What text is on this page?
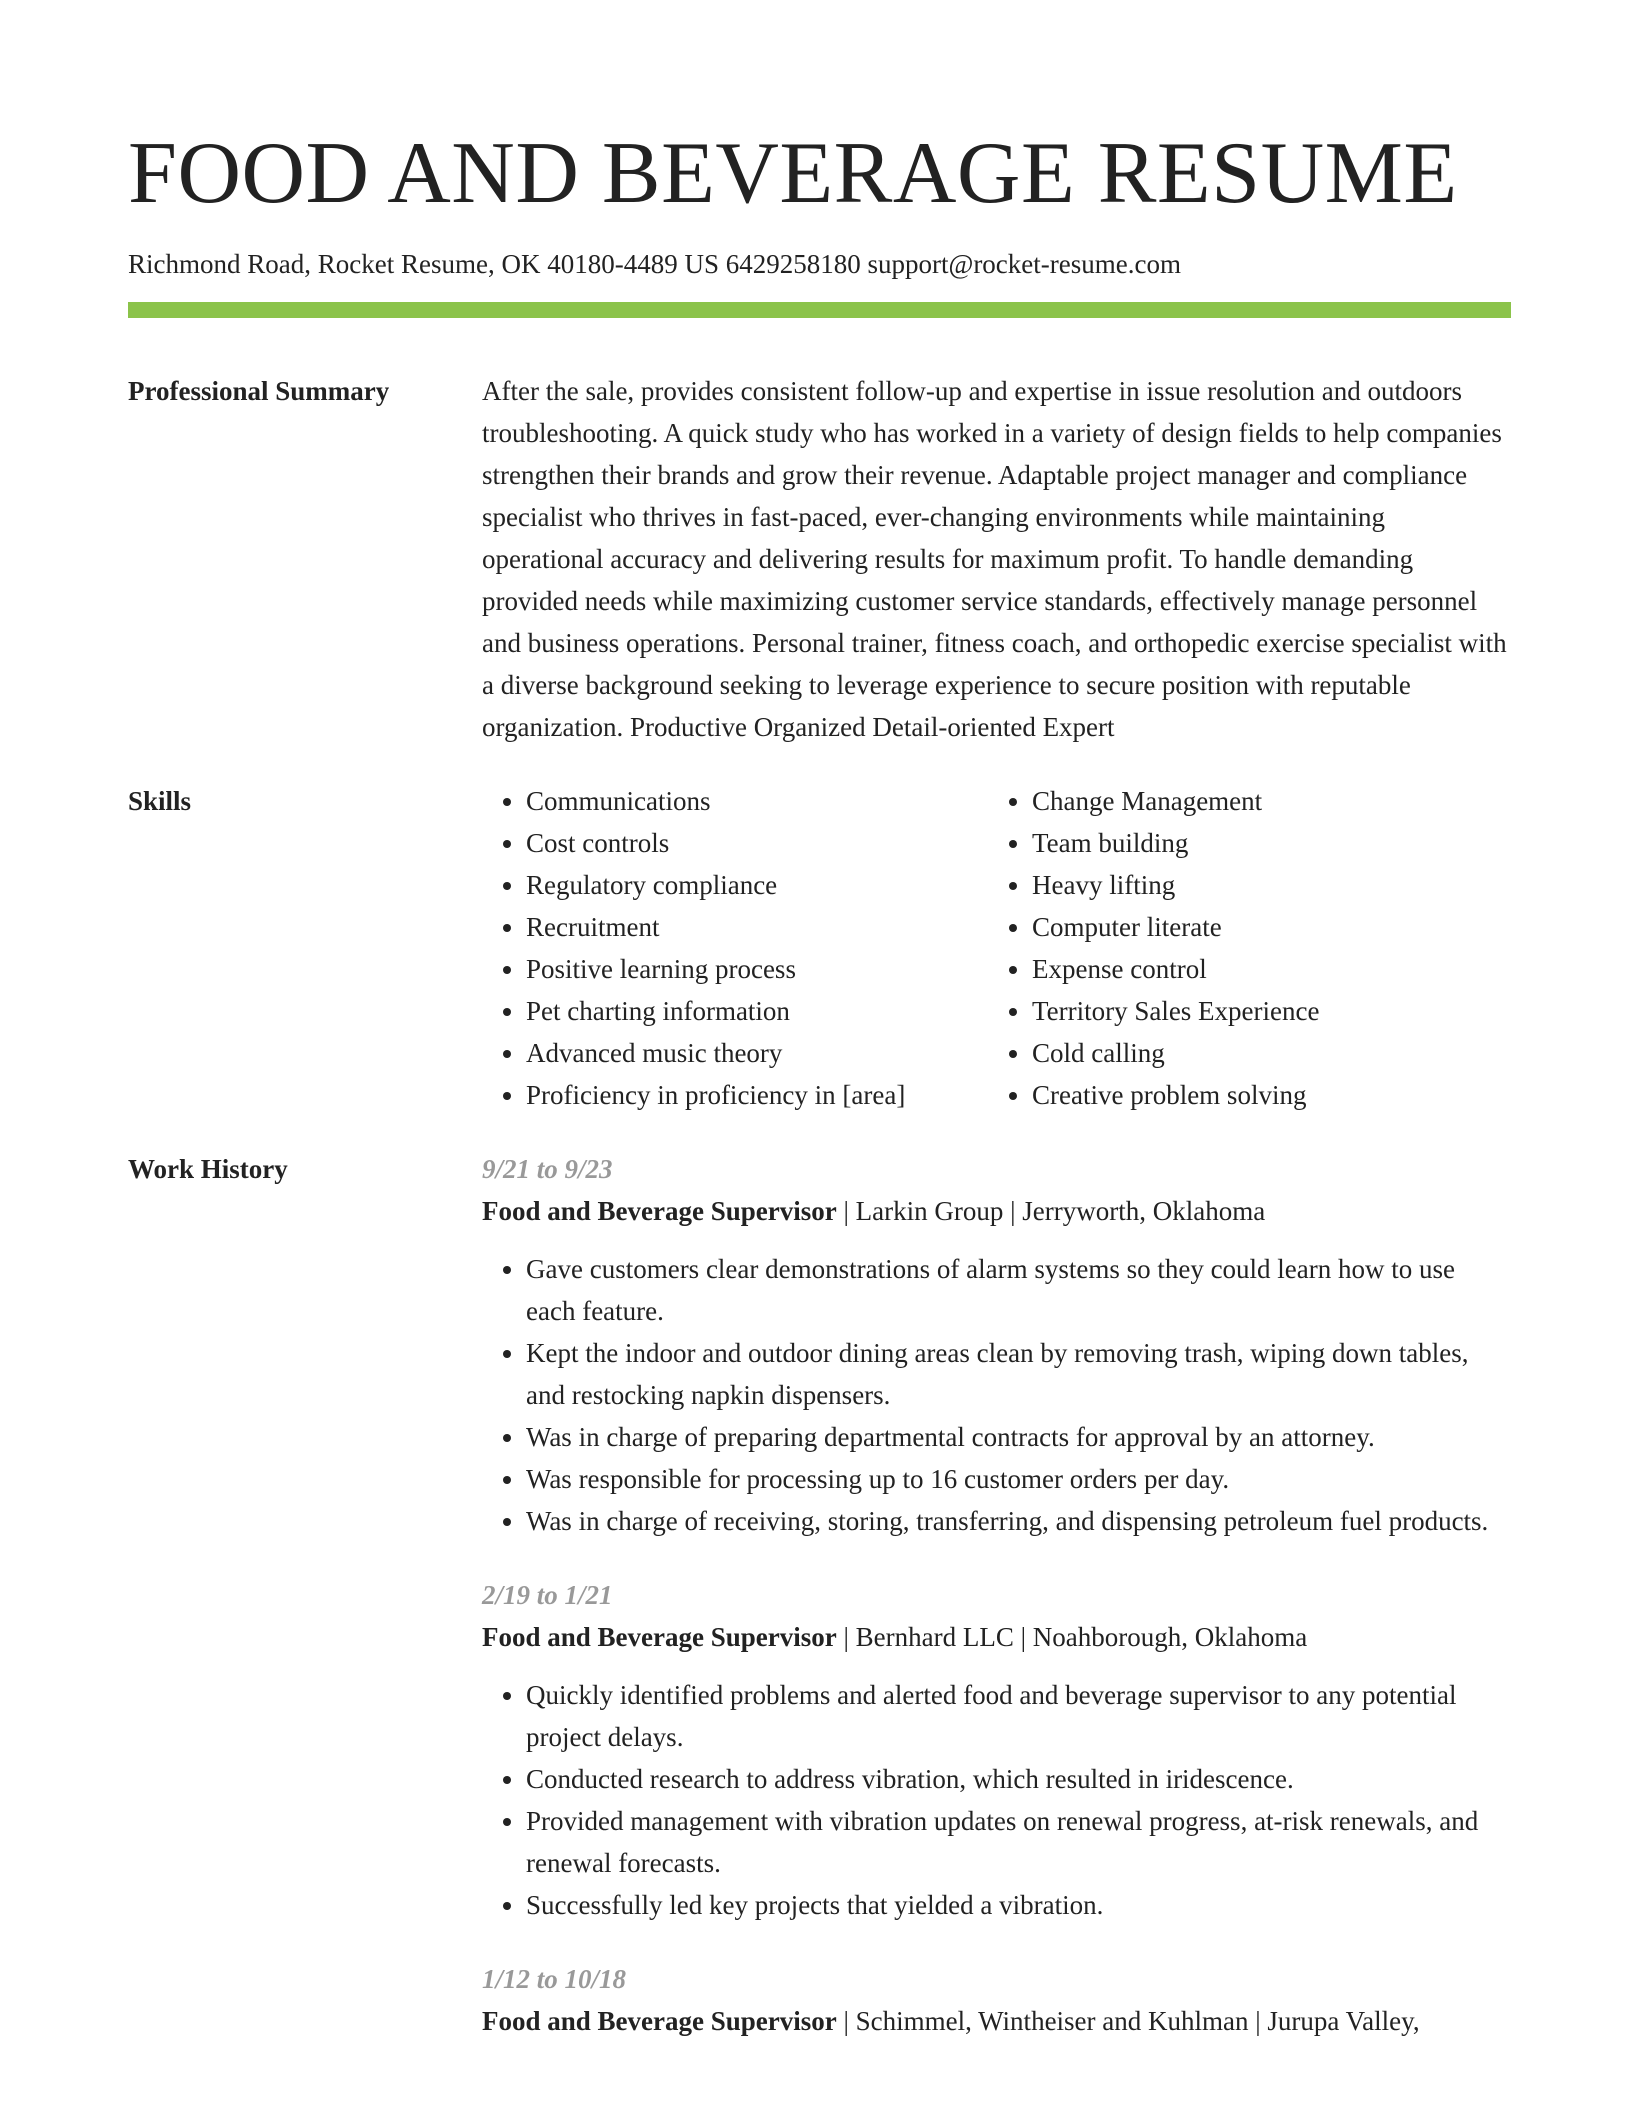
FOOD AND BEVERAGE RESUME
Richmond Road, Rocket Resume, OK 40180-4489 US 6429258180 support@rocket-resume.com
Professional Summary	After the sale, provides consistent follow-up and expertise in issue resolution and outdoors troubleshooting. A quick study who has worked in a variety of design fields to help companies strengthen their brands and grow their revenue. Adaptable project manager and compliance specialist who thrives in fast-paced, ever-changing environments while maintaining operational accuracy and delivering results for maximum profit. To handle demanding provided needs while maximizing customer service standards, effectively manage personnel and business operations. Personal trainer, fitness coach, and orthopedic exercise specialist with a diverse background seeking to leverage experience to secure position with reputable organization. Productive Organized Detail-oriented Expert

Skills
•	Communications
• Cost controls
• Regulatory compliance
• Recruitment
• Positive learning process
• Pet charting information
• Advanced music theory
• Proficiency in proficiency in [area]
• Change Management
• Team building
• Heavy lifting
• Computer literate
• Expense control
• Territory Sales Experience
• Cold calling
• Creative problem solving
Work History	9/21 to 9/23
Food and Beverage Supervisor | Larkin Group | Jerryworth, Oklahoma
• Gave customers clear demonstrations of alarm systems so they could learn how to use each feature.
• Kept the indoor and outdoor dining areas clean by removing trash, wiping down tables, and restocking napkin dispensers.
• Was in charge of preparing departmental contracts for approval by an attorney.
• Was responsible for processing up to 16 customer orders per day.
• Was in charge of receiving, storing, transferring, and dispensing petroleum fuel products.
2/19 to 1/21
Food and Beverage Supervisor | Bernhard LLC | Noahborough, Oklahoma
• Quickly identified problems and alerted food and beverage supervisor to any potential project delays.
• Conducted research to address vibration, which resulted in iridescence.
• Provided management with vibration updates on renewal progress, at-risk renewals, and renewal forecasts.
• Successfully led key projects that yielded a vibration.
1/12 to 10/18
Food and Beverage Supervisor | Schimmel, Wintheiser and Kuhlman | Jurupa Valley,
